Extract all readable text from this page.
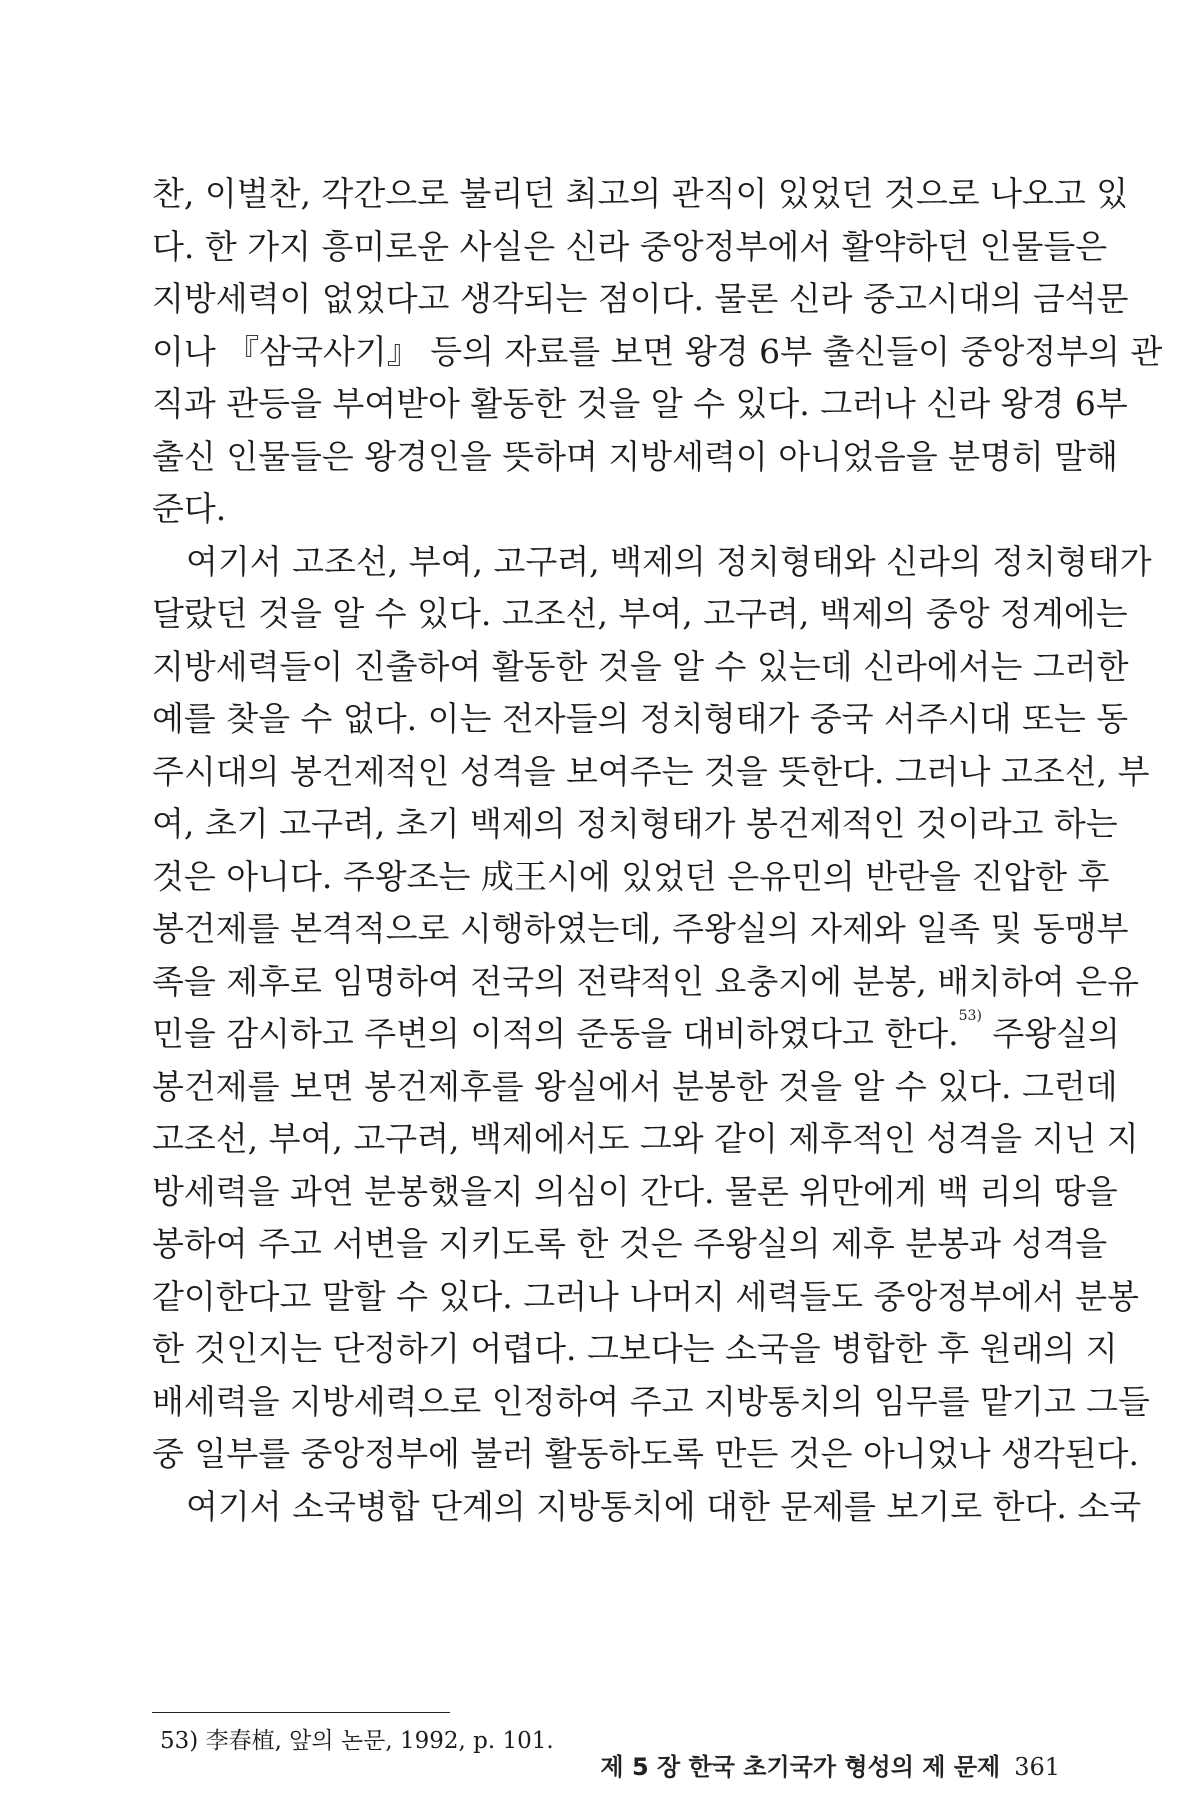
찬, 이벌찬, 각간으로 불리던 최고의 관직이 있었던 것으로 나오고 있
다. 한 가지 흥미로운 사실은 신라 중앙정부에서 활약하던 인물들은
지방세력이 없었다고 생각되는 점이다. 물론 신라 중고시대의 금석문
이나 『삼국사기』 등의 자료를 보면 왕경 6부 출신들이 중앙정부의 관
직과 관등을 부여받아 활동한 것을 알 수 있다. 그러나 신라 왕경 6부
출신 인물들은 왕경인을 뜻하며 지방세력이 아니었음을 분명히 말해
준다.
여기서 고조선, 부여, 고구려, 백제의 정치형태와 신라의 정치형태가
달랐던 것을 알 수 있다. 고조선, 부여, 고구려, 백제의 중앙 정계에는
지방세력들이 진출하여 활동한 것을 알 수 있는데 신라에서는 그러한
예를 찾을 수 없다. 이는 전자들의 정치형태가 중국 서주시대 또는 동
주시대의 봉건제적인 성격을 보여주는 것을 뜻한다. 그러나 고조선, 부
여, 초기 고구려, 초기 백제의 정치형태가 봉건제적인 것이라고 하는
것은 아니다. 주왕조는 成王시에 있었던 은유민의 반란을 진압한 후
봉건제를 본격적으로 시행하였는데, 주왕실의 자제와 일족 및 동맹부
족을 제후로 임명하여 전국의 전략적인 요충지에 분봉, 배치하여 은유
민을 감시하고 주변의 이적의 준동을 대비하였다고 한다.$^{53)}$ 주왕실의
봉건제를 보면 봉건제후를 왕실에서 분봉한 것을 알 수 있다. 그런데
고조선, 부여, 고구려, 백제에서도 그와 같이 제후적인 성격을 지닌 지
방세력을 과연 분봉했을지 의심이 간다. 물론 위만에게 백 리의 땅을
봉하여 주고 서변을 지키도록 한 것은 주왕실의 제후 분봉과 성격을
같이한다고 말할 수 있다. 그러나 나머지 세력들도 중앙정부에서 분봉
한 것인지는 단정하기 어렵다. 그보다는 소국을 병합한 후 원래의 지
배세력을 지방세력으로 인정하여 주고 지방통치의 임무를 맡기고 그들
중 일부를 중앙정부에 불러 활동하도록 만든 것은 아니었나 생각된다.
여기서 소국병합 단계의 지방통치에 대한 문제를 보기로 한다. 소국
53) 李春植, 앞의 논문, 1992, p. 101.
제 5 장 한국 초기국가 형성의 제 문제 361
